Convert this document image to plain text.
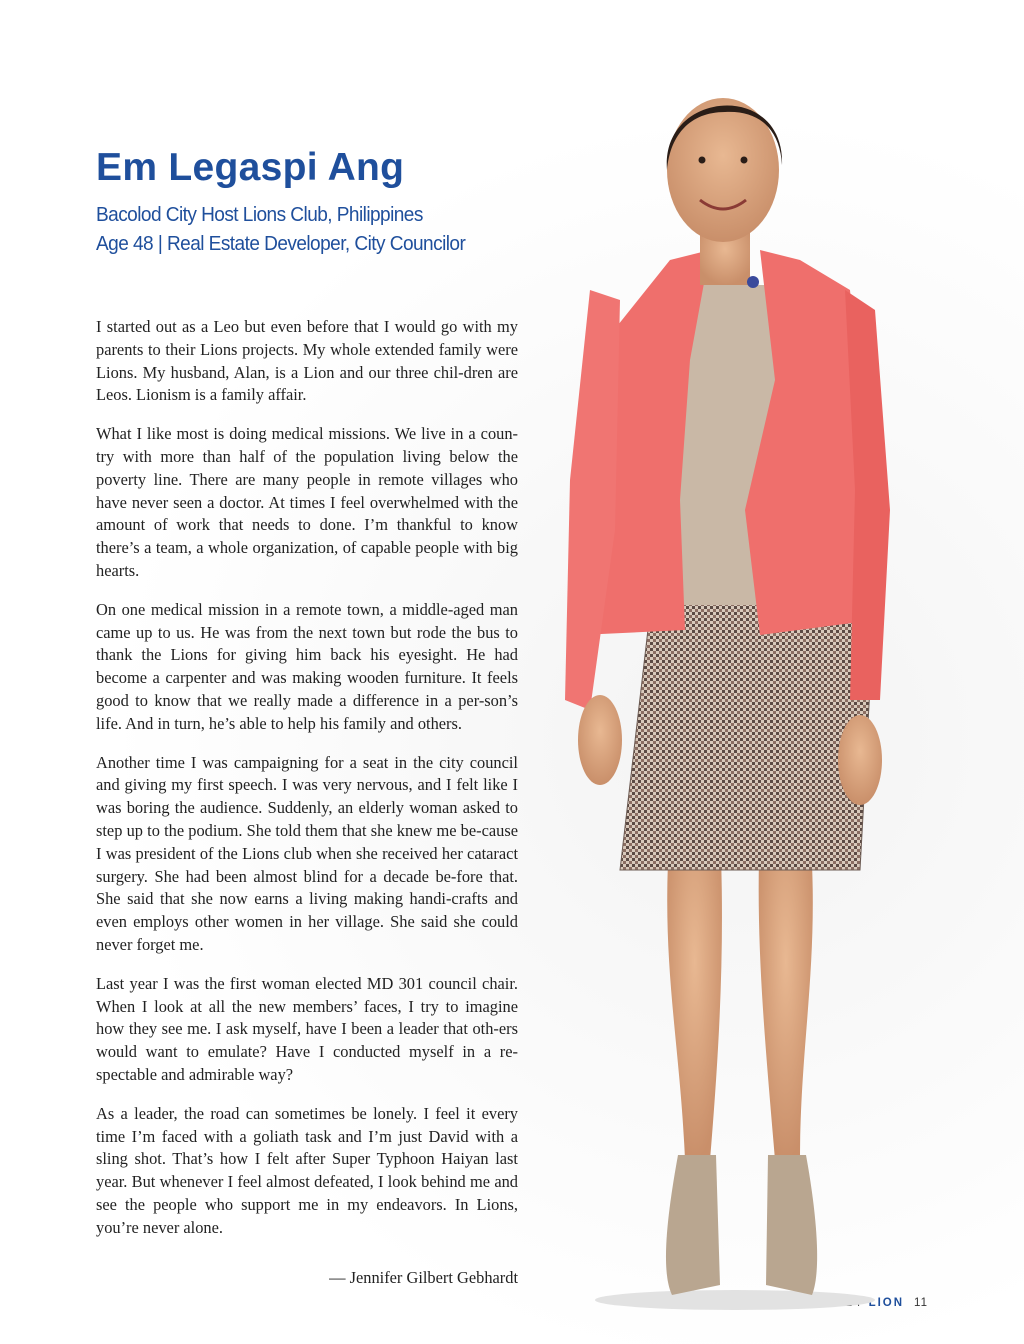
Em Legaspi Ang
Bacolod City Host Lions Club, Philippines
Age 48 | Real Estate Developer, City Councilor

I started out as a Leo but even before that I would go with my parents to their Lions projects. My whole extended family were Lions. My husband, Alan, is a Lion and our three chil-dren are Leos. Lionism is a family affair.

What I like most is doing medical missions. We live in a coun-try with more than half of the population living below the poverty line. There are many people in remote villages who have never seen a doctor. At times I feel overwhelmed with the amount of work that needs to done. I’m thankful to know there’s a team, a whole organization, of capable people with big hearts.

On one medical mission in a remote town, a middle-aged man came up to us. He was from the next town but rode the bus to thank the Lions for giving him back his eyesight. He had become a carpenter and was making wooden furniture. It feels good to know that we really made a difference in a per-son’s life. And in turn, he’s able to help his family and others.

Another time I was campaigning for a seat in the city council and giving my first speech. I was very nervous, and I felt like I was boring the audience. Suddenly, an elderly woman asked to step up to the podium. She told them that she knew me be-cause I was president of the Lions club when she received her cataract surgery. She had been almost blind for a decade be-fore that. She said that she now earns a living making handi-crafts and even employs other women in her village. She said she could never forget me.

Last year I was the first woman elected MD 301 council chair. When I look at all the new members’ faces, I try to imagine how they see me. I ask myself, have I been a leader that oth-ers would want to emulate? Have I conducted myself in a re-spectable and admirable way?

As a leader, the road can sometimes be lonely. I feel it every time I’m faced with a goliath task and I’m just David with a sling shot. That’s how I felt after Super Typhoon Haiyan last year. But whenever I feel almost defeated, I look behind me and see the people who support me in my endeavors. In Lions, you’re never alone.

— Jennifer Gilbert Gebhardt
LION 11
